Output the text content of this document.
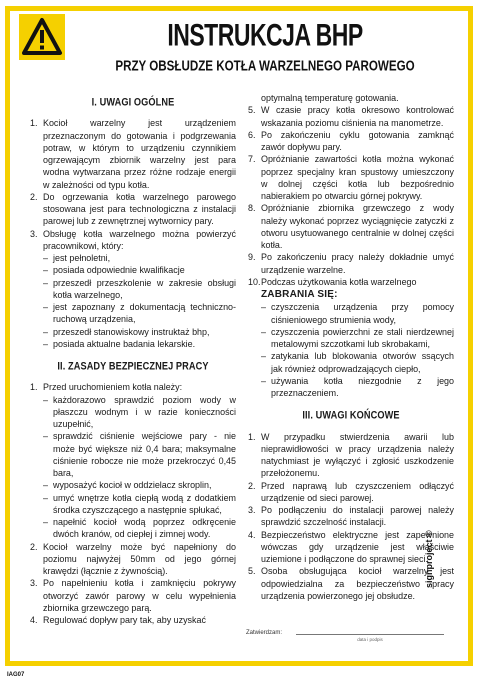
INSTRUKCJA BHP
PRZY OBSŁUDZE KOTŁA WARZELNEGO PAROWEGO
I. UWAGI OGÓLNE
1. Kocioł warzelny jest urządzeniem przeznaczonym do gotowania i podgrzewania potraw, w którym to urządzeniu czynnikiem ogrzewającym zbiornik warzelny jest para wodna wytwarzana przez różne rodzaje energii w zależności od typu kotła.
2. Do ogrzewania kotła warzelnego parowego stosowana jest para technologiczna z instalacji parowej lub z zewnętrznej wytwornicy pary.
3. Obsługę kotła warzelnego można powierzyć pracownikowi, który:
– jest pełnoletni,
– posiada odpowiednie kwalifikacje
– przeszedł przeszkolenie w zakresie obsługi kotła warzelnego,
– jest zapoznany z dokumentacją techniczno-ruchową urządzenia,
– przeszedł stanowiskowy instruktaż bhp,
– posiada aktualne badania lekarskie.
II. ZASADY BEZPIECZNEJ PRACY
1. Przed uruchomieniem kotła należy:
– każdorazowo sprawdzić poziom wody w płaszczu wodnym i w razie konieczności uzupełnić,
– sprawdzić ciśnienie wejściowe pary - nie może być większe niż 0,4 bara; maksymalne ciśnienie robocze nie może przekroczyć 0,45 bara,
– wyposażyć kocioł w oddzielacz skroplin,
– umyć wnętrze kotła ciepłą wodą z dodatkiem środka czyszczącego a następnie spłukać,
– napełnić kocioł wodą poprzez odkręcenie dwóch kranów, od ciepłej i zimnej wody.
2. Kocioł warzelny może być napełniony do poziomu najwyżej 50mm od jego górnej krawędzi (łącznie z żywnością).
3. Po napełnieniu kotła i zamknięciu pokrywy otworzyć zawór parowy w celu wypełnienia zbiornika grzewczego parą.
4. Regulować dopływ pary tak, aby uzyskać
optymalną temperaturę gotowania.
5. W czasie pracy kotła okresowo kontrolować wskazania poziomu ciśnienia na manometrze.
6. Po zakończeniu cyklu gotowania zamknąć zawór dopływu pary.
7. Opróżnianie zawartości kotła można wykonać poprzez specjalny kran spustowy umieszczony w dolnej części kotła lub bezpośrednio nabierakiem po otwarciu górnej pokrywy.
8. Opróżnianie zbiornika grzewczego z wody należy wykonać poprzez wyciągnięcie zatyczki z otworu usytuowanego centralnie w dolnej części kotła.
9. Po zakończeniu pracy należy dokładnie umyć urządzenie warzelne.
10. Podczas użytkowania kotła warzelnego
ZABRANIA SIĘ:
– czyszczenia urządzenia przy pomocy ciśnieniowego strumienia wody,
– czyszczenia powierzchni ze stali nierdzewnej metalowymi szczotkami lub skrobakami,
– zatykania lub blokowania otworów ssących jak również odprowadzających ciepło,
– używania kotła niezgodnie z jego przeznaczeniem.
III. UWAGI KOŃCOWE
1. W przypadku stwierdzenia awarii lub nieprawidłowości w pracy urządzenia należy natychmiast je wyłączyć i zgłosić uszkodzenie przełożonemu.
2. Przed naprawą lub czyszczeniem odłączyć urządzenie od sieci parowej.
3. Po podłączeniu do instalacji parowej należy sprawdzić szczelność instalacji.
4. Bezpieczeństwo elektryczne jest zapewnione wówczas gdy urządzenie jest właściwie uziemione i podłączone do sprawnej sieci.
5. Osoba obsługująca kocioł warzelny jest odpowiedzialna za bezpieczeństwo pracy urządzenia powierzonego jej obsłudze.
Zatwierdzam:
data i podpis
signproject ©
IAG07
